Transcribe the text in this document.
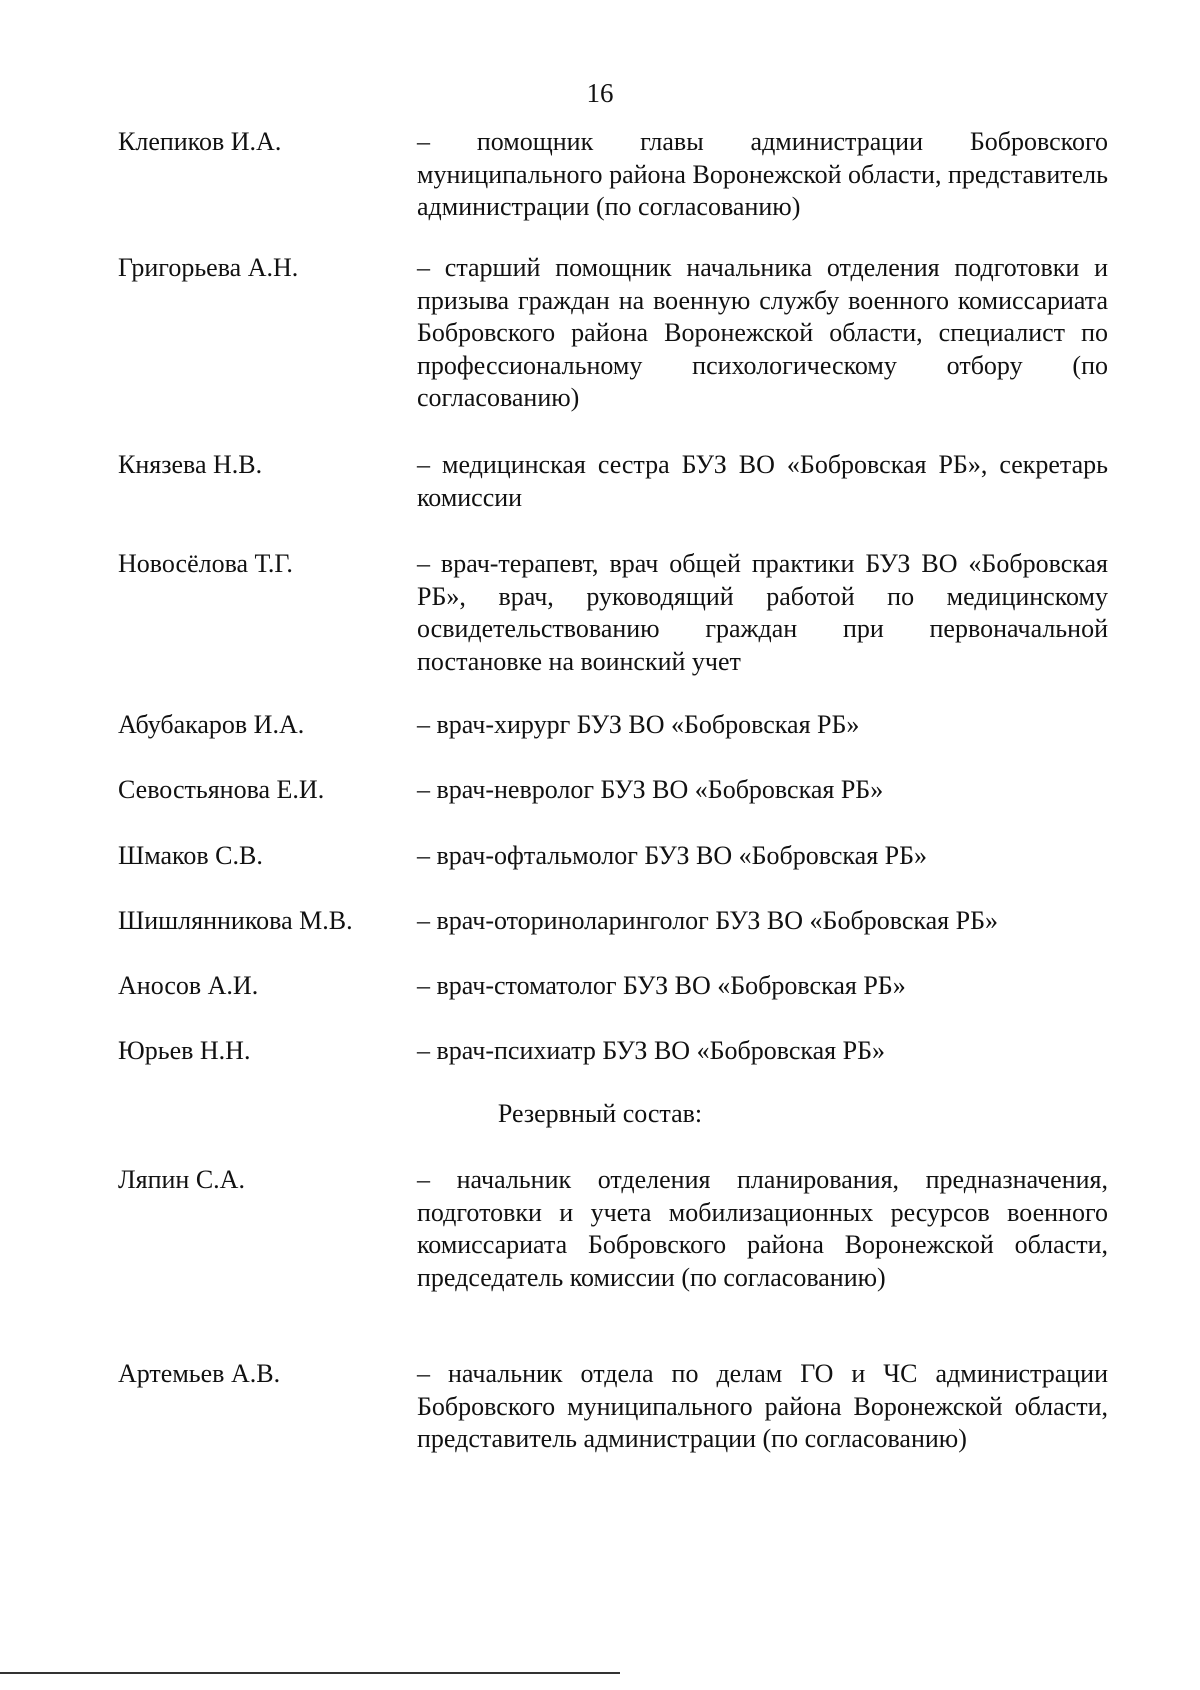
16
Клепиков И.А.	– помощник главы администрации Бобровского муниципального района Воронежской области, представитель администрации (по согласованию)
Григорьева А.Н.	– старший помощник начальника отделения подготовки и призыва граждан на военную службу военного комиссариата Бобровского района Воронежской области, специалист по профессиональному психологическому отбору (по согласованию)
Князева Н.В.	– медицинская сестра БУЗ ВО «Бобровская РБ», секретарь комиссии
Новосёлова Т.Г.	– врач-терапевт, врач общей практики БУЗ ВО «Бобровская РБ», врач, руководящий работой по медицинскому освидетельствованию граждан при первоначальной постановке на воинский учет
Абубакаров И.А.	– врач-хирург БУЗ ВО «Бобровская РБ»
Севостьянова Е.И.	– врач-невролог БУЗ ВО «Бобровская РБ»
Шмаков С.В.	– врач-офтальмолог БУЗ ВО «Бобровская РБ»
Шишлянникова М.В. – врач-оториноларинголог БУЗ ВО «Бобровская РБ»
Аносов А.И.	– врач-стоматолог БУЗ ВО «Бобровская РБ»
Юрьев Н.Н.	– врач-психиатр БУЗ ВО «Бобровская РБ»
Резервный состав:
Ляпин С.А.	– начальник отделения планирования, предназначения, подготовки и учета мобилизационных ресурсов военного комиссариата Бобровского района Воронежской области, председатель комиссии (по согласованию)
Артемьев А.В.	– начальник отдела по делам ГО и ЧС администрации Бобровского муниципального района Воронежской области, представитель администрации (по согласованию)
